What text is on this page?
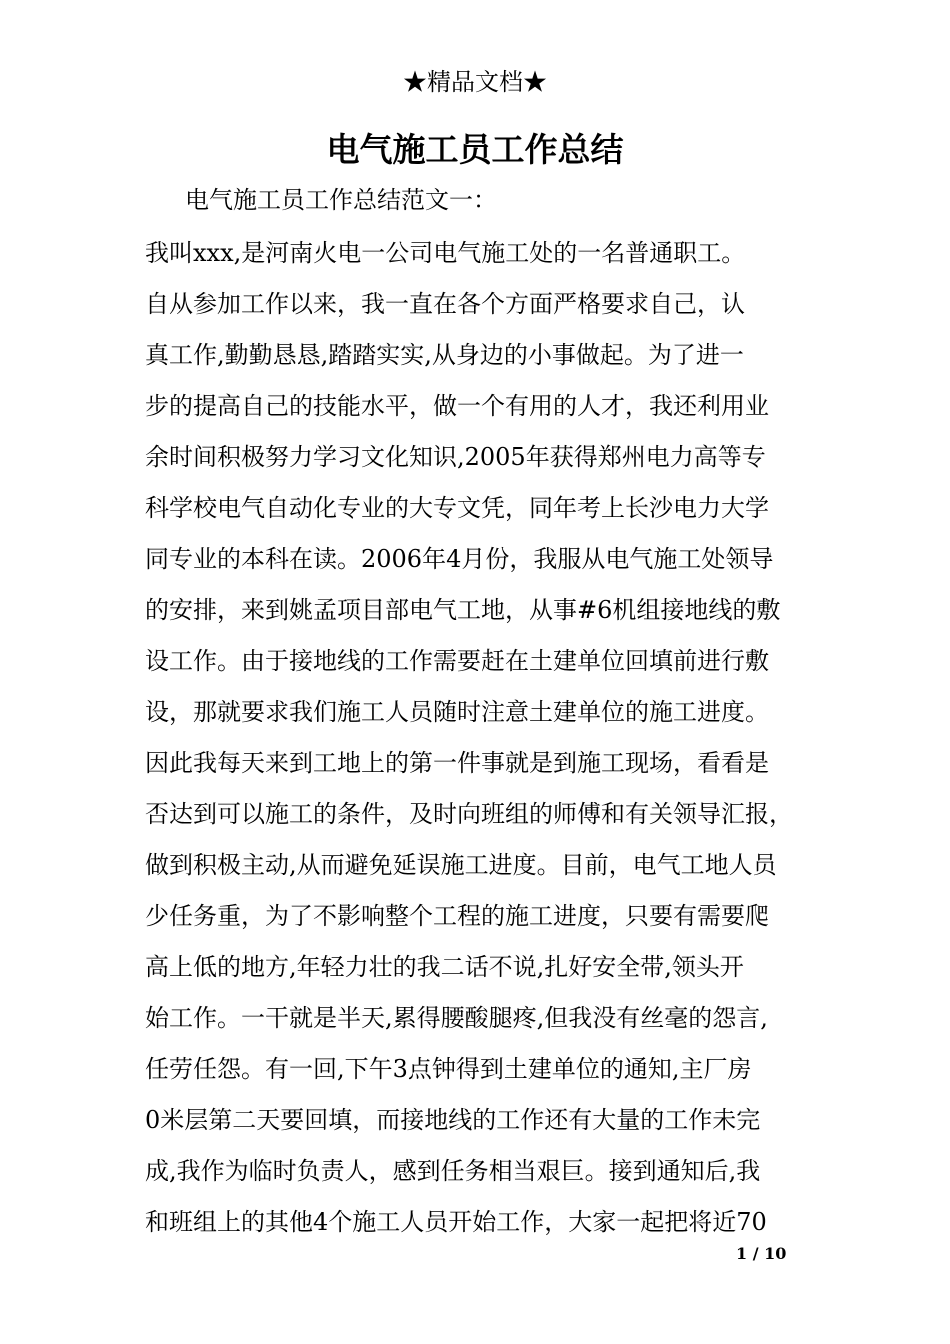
★精品文档★
电气施工员工作总结
电气施工员工作总结范文一：
我叫xxx,是河南火电一公司电气施工处的一名普通职工。
自从参加工作以来，我一直在各个方面严格要求自己，认
真工作,勤勤恳恳,踏踏实实,从身边的小事做起。为了进一
步的提高自己的技能水平，做一个有用的人才，我还利用业
余时间积极努力学习文化知识,2005年获得郑州电力高等专
科学校电气自动化专业的大专文凭，同年考上长沙电力大学
同专业的本科在读。2006年4月份，我服从电气施工处领导
的安排，来到姚孟项目部电气工地，从事#6机组接地线的敷
设工作。由于接地线的工作需要赶在土建单位回填前进行敷
设，那就要求我们施工人员随时注意土建单位的施工进度。
因此我每天来到工地上的第一件事就是到施工现场，看看是
否达到可以施工的条件，及时向班组的师傅和有关领导汇报，
做到积极主动,从而避免延误施工进度。目前，电气工地人员
少任务重，为了不影响整个工程的施工进度，只要有需要爬
高上低的地方,年轻力壮的我二话不说,扎好安全带,领头开
始工作。一干就是半天,累得腰酸腿疼,但我没有丝毫的怨言,
任劳任怨。有一回,下午3点钟得到土建单位的通知,主厂房
0米层第二天要回填，而接地线的工作还有大量的工作未完
成,我作为临时负责人，感到任务相当艰巨。接到通知后,我
和班组上的其他4个施工人员开始工作，大家一起把将近70
1 / 10
